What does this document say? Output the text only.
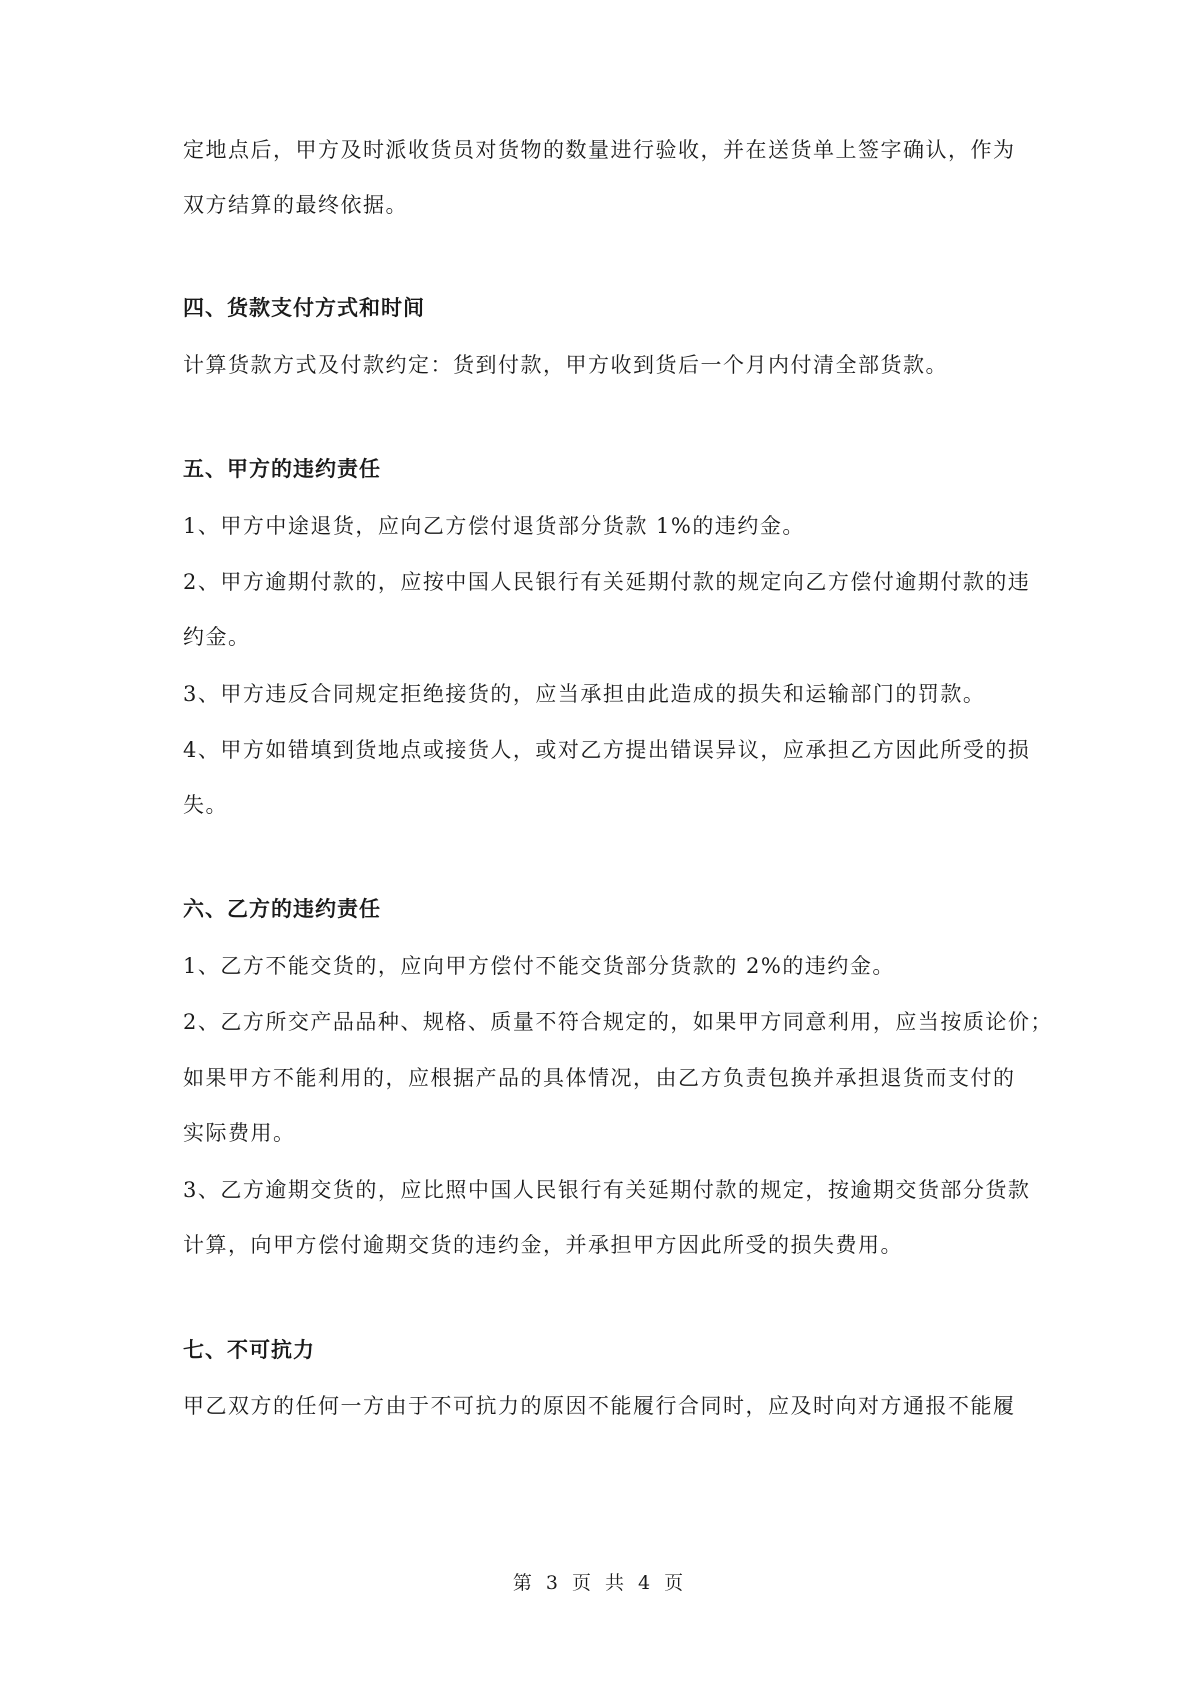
定地点后，甲方及时派收货员对货物的数量进行验收，并在送货单上签字确认，作为
双方结算的最终依据。
四、货款支付方式和时间
计算货款方式及付款约定：货到付款，甲方收到货后一个月内付清全部货款。
五、甲方的违约责任
1、甲方中途退货，应向乙方偿付退货部分货款 1%的违约金。
2、甲方逾期付款的，应按中国人民银行有关延期付款的规定向乙方偿付逾期付款的违
约金。
3、甲方违反合同规定拒绝接货的，应当承担由此造成的损失和运输部门的罚款。
4、甲方如错填到货地点或接货人，或对乙方提出错误异议，应承担乙方因此所受的损
失。
六、乙方的违约责任
1、乙方不能交货的，应向甲方偿付不能交货部分货款的 2%的违约金。
2、乙方所交产品品种、规格、质量不符合规定的，如果甲方同意利用，应当按质论价；
如果甲方不能利用的，应根据产品的具体情况，由乙方负责包换并承担退货而支付的
实际费用。
3、乙方逾期交货的，应比照中国人民银行有关延期付款的规定，按逾期交货部分货款
计算，向甲方偿付逾期交货的违约金，并承担甲方因此所受的损失费用。
七、不可抗力
甲乙双方的任何一方由于不可抗力的原因不能履行合同时，应及时向对方通报不能履
第 3 页 共 4 页
